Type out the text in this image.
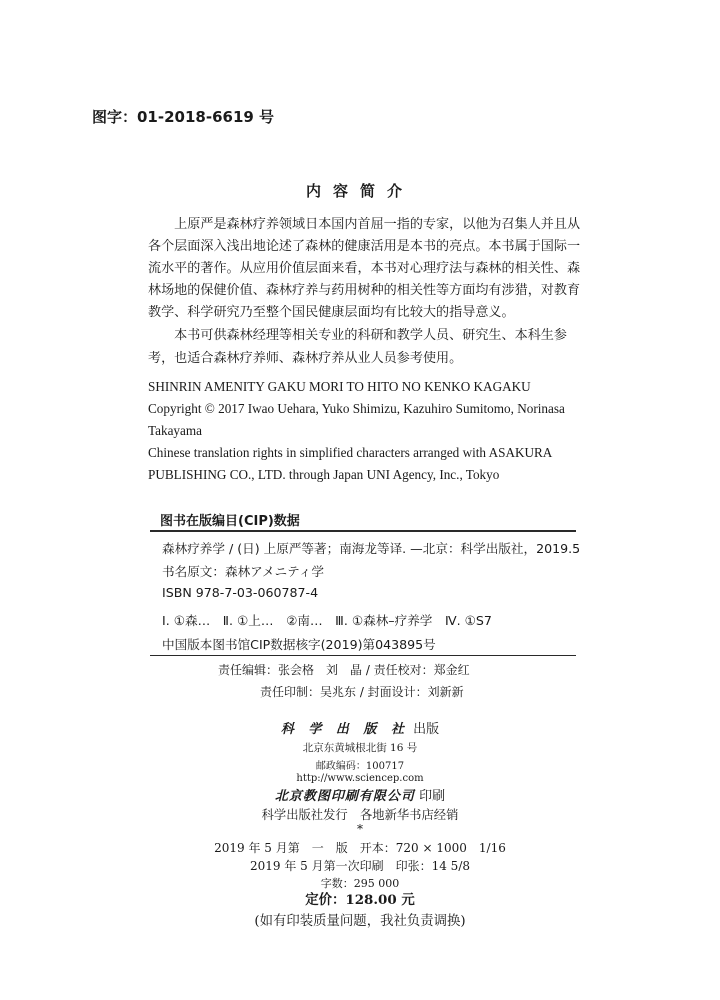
图字：01-2018-6619 号
内容简介
　　上原严是森林疗养领域日本国内首屈一指的专家，以他为召集人并且从
各个层面深入浅出地论述了森林的健康活用是本书的亮点。本书属于国际一
流水平的著作。从应用价值层面来看，本书对心理疗法与森林的相关性、森
林场地的保健价值、森林疗养与药用树种的相关性等方面均有涉猎，对教育
教学、科学研究乃至整个国民健康层面均有比较大的指导意义。
　　本书可供森林经理等相关专业的科研和教学人员、研究生、本科生参
考，也适合森林疗养师、森林疗养从业人员参考使用。
SHINRIN AMENITY GAKU MORI TO HITO NO KENKO KAGAKU
Copyright © 2017 Iwao Uehara, Yuko Shimizu, Kazuhiro Sumitomo, Norinasa
Takayama
Chinese translation rights in simplified characters arranged with ASAKURA
PUBLISHING CO., LTD. through Japan UNI Agency, Inc., Tokyo
图书在版编目(CIP)数据
森林疗养学 / (日) 上原严等著；南海龙等译. —北京：科学出版社，2019.5
书名原文：森林アメニティ学
ISBN 978-7-03-060787-4
Ⅰ. ①森…　Ⅱ. ①上…　②南…　Ⅲ. ①森林–疗养学　Ⅳ. ①S7
中国版本图书馆CIP数据核字(2019)第043895号
责任编辑：张会格　刘　晶 / 责任校对：郑金红
责任印制：吴兆东 / 封面设计：刘新新
科 学 出 版 社 出版
北京东黄城根北街 16 号
邮政编码：100717
http://www.sciencep.com
北京教图印刷有限公司 印刷
科学出版社发行　各地新华书店经销
*
2019 年 5 月第　一　版　开本：720 × 1000　1/16
2019 年 5 月第一次印刷　印张：14 5/8
字数：295 000
定价：128.00 元
(如有印装质量问题，我社负责调换)
